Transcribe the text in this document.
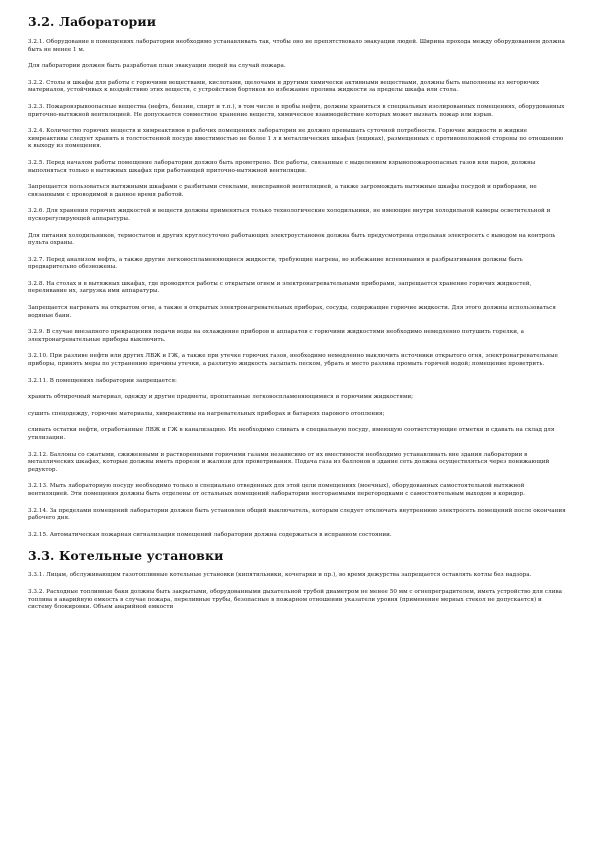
3.2. Лаборатории

3.2.1. Оборудование в помещениях лаборатории необходимо устанавливать так, чтобы оно не препятствовало эвакуации людей. Ширина прохода между оборудованием должна быть не менее 1 м.

Для лаборатории должен быть разработан план эвакуации людей на случай пожара.

3.2.2. Столы и шкафы для работы с горючими веществами, кислотами, щелочами и другими химически активными веществами, должны быть выполнены из негорючих материалов, устойчивых к воздействию этих веществ, с устройством бортиков во избежание пролива жидкости за пределы шкафа или стола.

3.2.3. Пожаровзрывоопасные вещества (нефть, бензин, спирт и т.п.), в том числе и пробы нефти, должны храниться в специальных изолированных помещениях, оборудованных приточно-вытяжной вентиляцией. Не допускается совместное хранение веществ, химическое взаимодействие которых может вызвать пожар или взрыв.

3.2.4. Количество горючих веществ и химреактивов в рабочих помещениях лаборатории не должно превышать суточной потребности. Горючие жидкости и жидкие химреактивы следует хранить в толстостенной посуде вместимостью не более 1 л в металлических шкафах (ящиках), размещенных с противоположной стороны по отношению к выходу из помещения.

3.2.5. Перед началом работы помещение лаборатории должно быть проветрено. Все работы, связанные с выделением взрывопожароопасных газов или паров, должны выполняться только в вытяжных шкафах при работающей приточно-вытяжной вентиляции.

Запрещается пользоваться вытяжными шкафами с разбитыми стеклами, неисправной вентиляцией, а также загромождать вытяжные шкафы посудой и приборами, не связанными с проводимой в данное время работой.

3.2.6. Для хранения горючих жидкостей и веществ должны применяться только технологические холодильники, не имеющие внутри холодильной камеры осветительной и пускорегулирующей аппаратуры.

Для питания холодильников, термостатов и других круглосуточно работающих электроустановок должна быть предусмотрена отдельная электросеть с выводом на контроль пульта охраны.

3.2.7. Перед анализом нефть, а также другие легковоспламеняющиеся жидкости, требующие нагрева, во избежание вспенивания и разбрызгивания должны быть предварительно обезвожены.

3.2.8. На столах и в вытяжных шкафах, где проводятся работы с открытым огнем и электронагревательными приборами, запрещается хранение горючих жидкостей, переливание их, загрузка ими аппаратуры.

Запрещается нагревать на открытом огне, а также в открытых электронагревательных приборах, сосуды, содержащие горючие жидкости. Для этого должны использоваться водяные бани.

3.2.9. В случае внезапного прекращения подачи воды на охлаждение приборов и аппаратов с горючими жидкостями необходимо немедленно потушить горелки, а электронагревательные приборы выключить.

3.2.10. При разливе нефти или других ЛВЖ и ГЖ, а также при утечке горючих газов, необходимо немедленно выключить источники открытого огня, электронагревательные приборы, принять меры по устранению причины утечки, а разлитую жидкость засыпать песком, убрать и место разлива промыть горячей водой; помещение проветрить.

3.2.11. В помещениях лаборатории запрещается:

хранить обтирочный материал, одежду и другие предметы, пропитанные легковоспламеняющимися и горючими жидкостями;

сушить спецодежду, горючие материалы, химреактивы на нагревательных приборах и батареях парового отопления;

сливать остатки нефти, отработанные ЛВЖ и ГЖ в канализацию. Их необходимо сливать в специальную посуду, имеющую соответствующие отметки и сдавать на склад для утилизации.

3.2.12. Баллоны со сжатыми, сжиженными и растворенными горючими газами независимо от их вместимости необходимо устанавливать вне здания лаборатории в металлических шкафах, которые должны иметь прорези и жалюзи для проветривания. Подача газа из баллонов в здание сеть должна осуществляться через понижающий редуктор.

3.2.13. Мыть лабораторную посуду необходимо только в специально отведенных для этой цели помещениях (моечных), оборудованных самостоятельной вытяжной вентиляцией. Эти помещения должны быть отделены от остальных помещений лаборатории несгораемыми перегородками с самостоятельным выходом в коридор.

3.2.14. За пределами помещений лаборатории должен быть установлен общий выключатель, которым следует отключать внутреннюю электросеть помещений после окончания рабочего дня.

3.2.15. Автоматическая пожарная сигнализация помещений лаборатории должна содержаться в исправном состоянии.

3.3. Котельные установки

3.3.1. Лицам, обслуживающим газотопливные котельные установки (кипятильники, кочегарки и пр.), во время дежурства запрещается оставлять котлы без надзора.

3.3.2. Расходные топливные баки должны быть закрытыми, оборудованными дыхательной трубой диаметром не менее 50 мм с огнепреградителем, иметь устройство для слива топлива в аварийную емкость в случае пожара, переливные трубы, безопасные в пожарном отношении указатели уровня (применение мерных стекол не допускается) и систему блокировки. Объем аварийной емкости
